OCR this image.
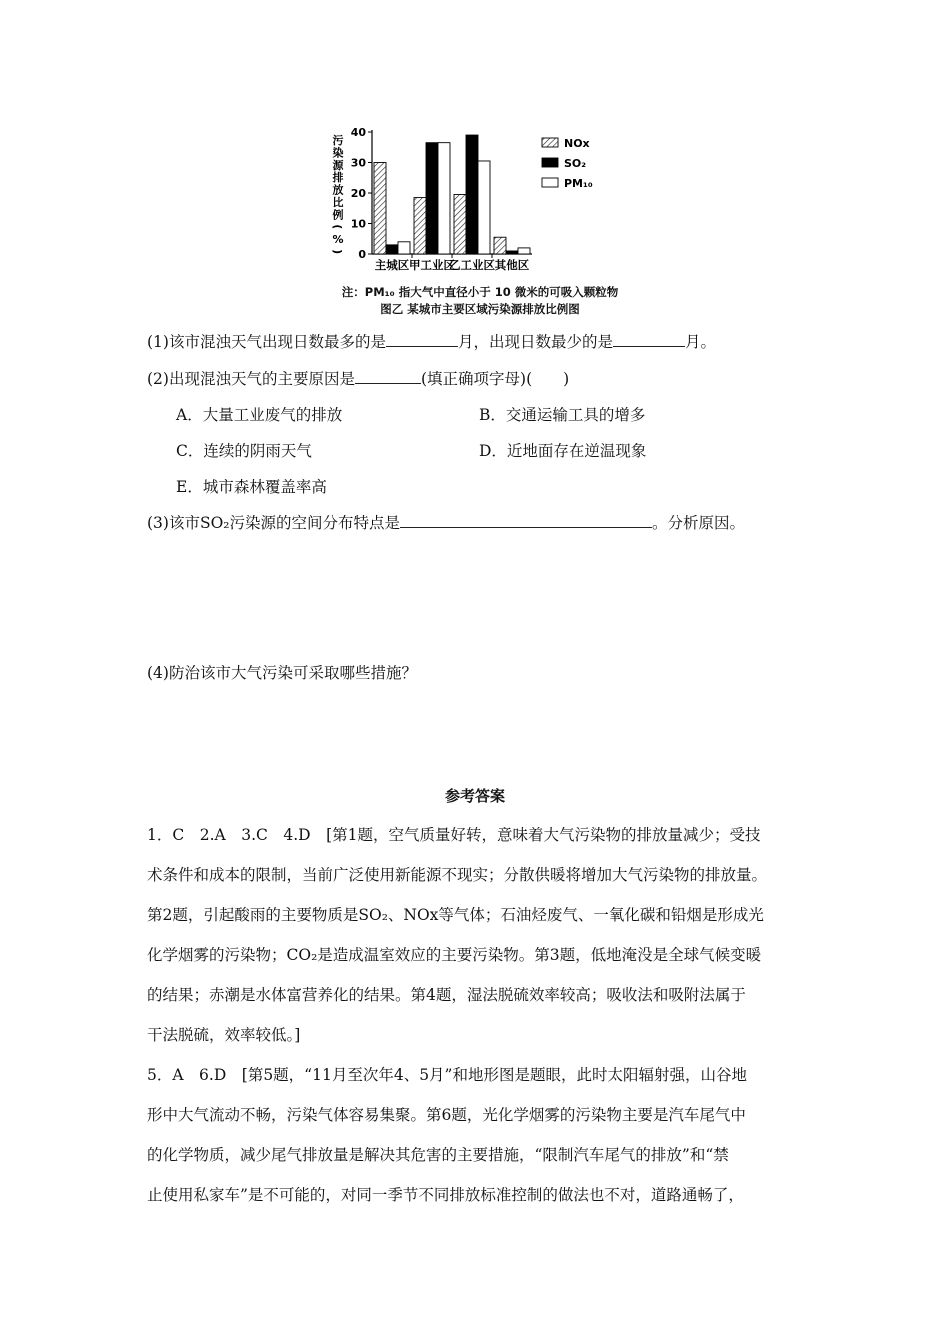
污
染
源
排
放
比
例
(
%
) 0
10
20
30
40
主城区 甲工业区
乙工业区 其他区
NOx
SO₂
PM₁₀
注：PM₁₀ 指大气中直径小于 10 微米的可吸入颗粒物
图乙 某城市主要区域污染源排放比例图
(1)该市混浊天气出现日数最多的是	月，出现日数最少的是	月。
(2)出现混浊天气的主要原因是	(填正确项字母)(　　)
A．大量工业废气的排放	B．交通运输工具的增多
C．连续的阴雨天气	D．近地面存在逆温现象
E．城市森林覆盖率高
(3)该市SO₂污染源的空间分布特点是	。分析原因。
(4)防治该市大气污染可采取哪些措施？
参考答案
1．C　2.A　3.C　4.D　[第1题，空气质量好转，意味着大气污染物的排放量减少；受技
术条件和成本的限制，当前广泛使用新能源不现实；分散供暖将增加大气污染物的排放量。
第2题，引起酸雨的主要物质是SO₂、NOx等气体；石油烃废气、一氧化碳和铅烟是形成光
化学烟雾的污染物；CO₂是造成温室效应的主要污染物。第3题，低地淹没是全球气候变暖
的结果；赤潮是水体富营养化的结果。第4题，湿法脱硫效率较高；吸收法和吸附法属于
干法脱硫，效率较低。]
5．A　6.D　[第5题，“11月至次年4、5月”和地形图是题眼，此时太阳辐射强，山谷地
形中大气流动不畅，污染气体容易集聚。第6题，光化学烟雾的污染物主要是汽车尾气中
的化学物质，减少尾气排放量是解决其危害的主要措施，“限制汽车尾气的排放”和“禁
止使用私家车”是不可能的，对同一季节不同排放标准控制的做法也不对，道路通畅了，
